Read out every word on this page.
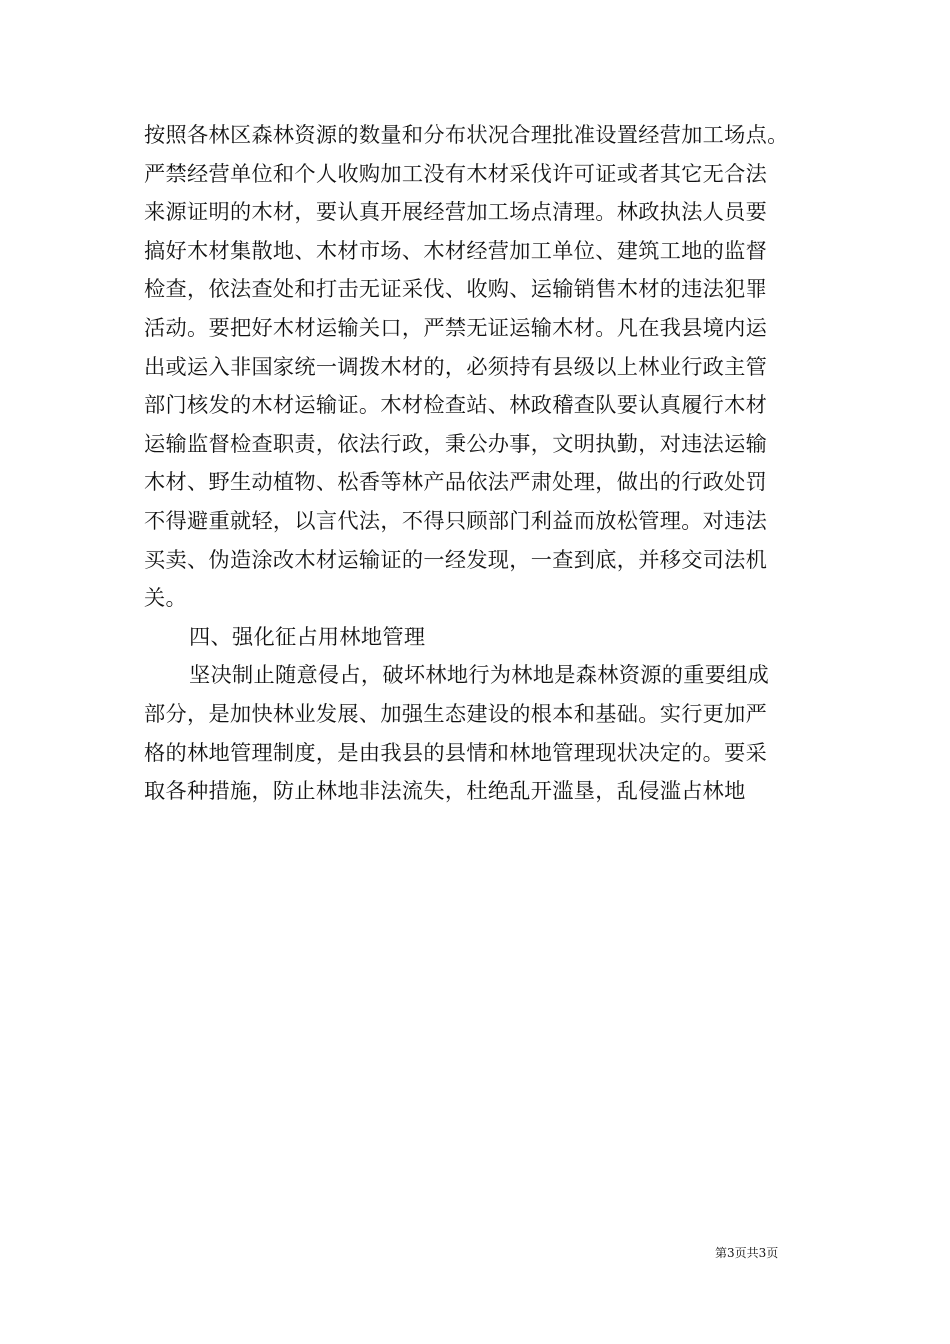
按照各林区森林资源的数量和分布状况合理批准设置经营加工场点。
严禁经营单位和个人收购加工没有木材采伐许可证或者其它无合法
来源证明的木材，要认真开展经营加工场点清理。林政执法人员要
搞好木材集散地、木材市场、木材经营加工单位、建筑工地的监督
检查，依法查处和打击无证采伐、收购、运输销售木材的违法犯罪
活动。要把好木材运输关口，严禁无证运输木材。凡在我县境内运
出或运入非国家统一调拨木材的，必须持有县级以上林业行政主管
部门核发的木材运输证。木材检查站、林政稽查队要认真履行木材
运输监督检查职责，依法行政，秉公办事，文明执勤，对违法运输
木材、野生动植物、松香等林产品依法严肃处理，做出的行政处罚
不得避重就轻，以言代法，不得只顾部门利益而放松管理。对违法
买卖、伪造涂改木材运输证的一经发现，一查到底，并移交司法机
关。
四、强化征占用林地管理
坚决制止随意侵占，破坏林地行为林地是森林资源的重要组成
部分，是加快林业发展、加强生态建设的根本和基础。实行更加严
格的林地管理制度，是由我县的县情和林地管理现状决定的。要采
取各种措施，防止林地非法流失，杜绝乱开滥垦，乱侵滥占林地
第3页共3页
